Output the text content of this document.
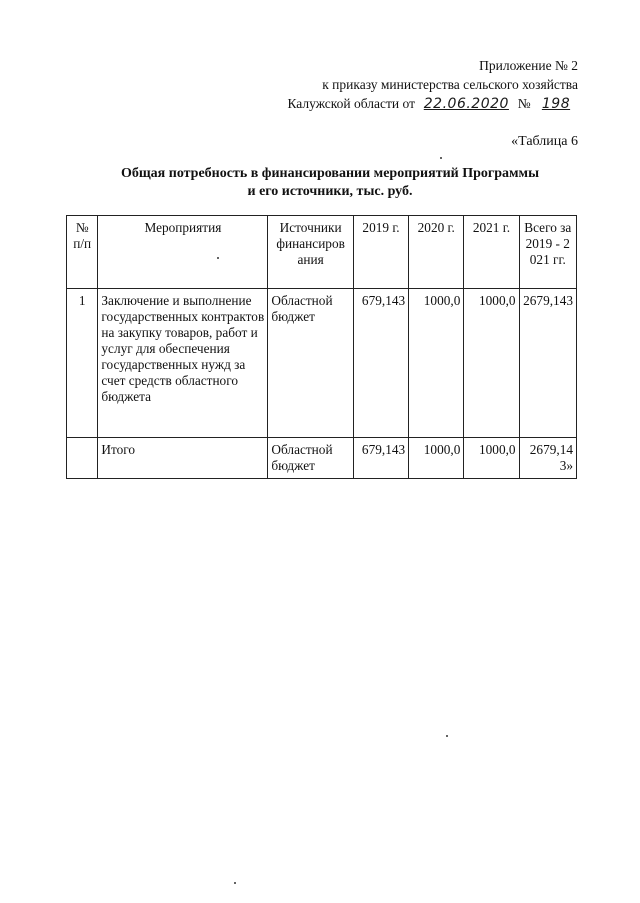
Приложение № 2
к приказу министерства сельского хозяйства
Калужской области от 22.06.2020 № 198
«Таблица 6
Общая потребность в финансировании мероприятий Программы
и его источники, тыс. руб.
№ п/п	Мероприятия	Источники финансиров ания	2019 г.	2020 г.	2021 г.	Всего за 2019 - 2021 гг.
1	Заключение и выполнение государственных контрактов на закупку товаров, работ и услуг для обеспечения государственных нужд за счет средств областного бюджета	Областной бюджет	679,143	1000,0	1000,0	2679,143
	Итого	Областной бюджет	679,143	1000,0	1000,0	2679,143»
